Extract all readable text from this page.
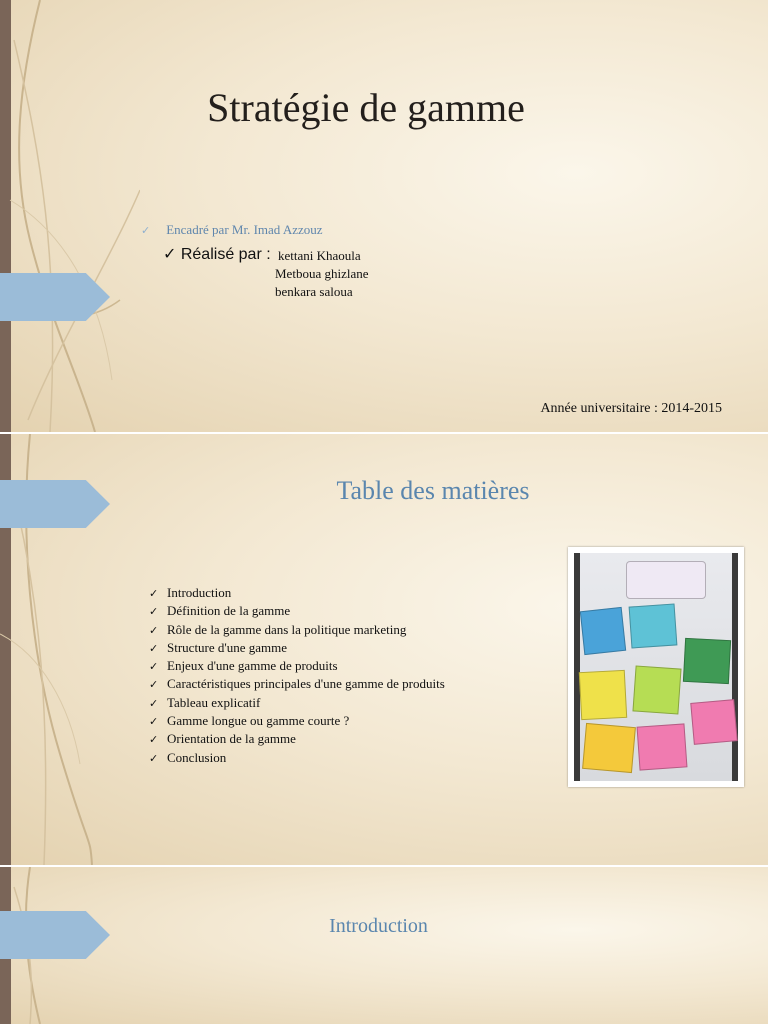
Stratégie de gamme
✓ Encadré par Mr. Imad Azzouz
✓ Réalisé par : kettani Khaoula
Metboua ghizlane
benkara saloua
Année universitaire : 2014-2015
Table des matières
✓ Introduction
✓ Définition de la gamme
✓ Rôle de la gamme dans la politique marketing
✓ Structure d'une gamme
✓ Enjeux d'une gamme de produits
✓ Caractéristiques principales d'une gamme de produits
✓ Tableau explicatif
✓ Gamme longue ou gamme courte ?
✓ Orientation de la gamme
✓ Conclusion
Introduction
